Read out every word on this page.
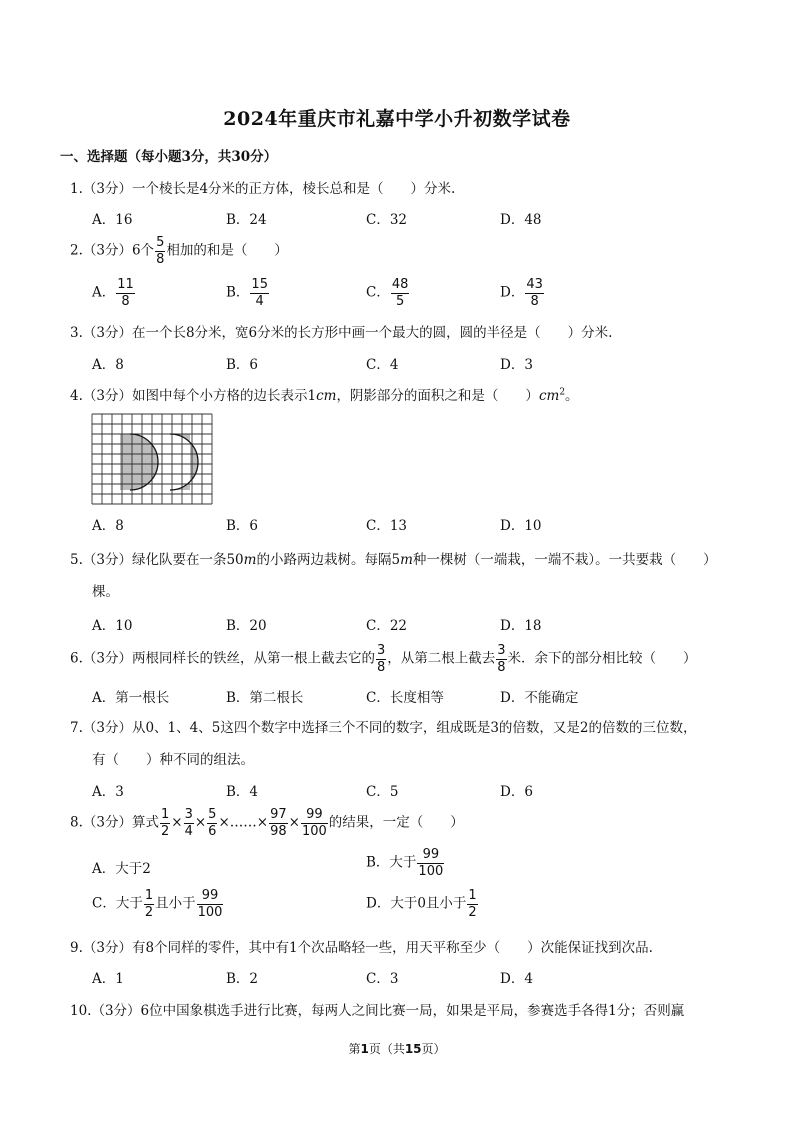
2024年重庆市礼嘉中学小升初数学试卷
一、选择题（每小题3分，共30分）
1.（3分）一个棱长是4分米的正方体，棱长总和是（　　）分米.
A．16	B．24	C．32	D．48
2.（3分）6个 $\frac{5}{8}$ 相加的和是（　　）
A． $\frac{11}{8}$	B． $\frac{15}{4}$	C． $\frac{48}{5}$	D． $\frac{43}{8}$
3.（3分）在一个长8分米，宽6分米的长方形中画一个最大的圆，圆的半径是（　　）分米.
A．8	B．6	C．4	D．3
4.（3分）如图中每个小方格的边长表示1cm，阴影部分的面积之和是（　　）$cm^2$。
A．8	B．6	C．13	D．10
5.（3分）绿化队要在一条50m的小路两边栽树。每隔5m种一棵树（一端栽，一端不栽）。一共要栽（　　）
棵。
A．10	B．20	C．22	D．18
6.（3分）两根同样长的铁丝，从第一根上截去它的 $\frac{3}{8}$ ，从第二根上截去 $\frac{3}{8}$ 米．余下的部分相比较（　　）
A．第一根长	B．第二根长	C．长度相等	D．不能确定
7.（3分）从0、1、4、5这四个数字中选择三个不同的数字，组成既是3的倍数，又是2的倍数的三位数，
有（　　）种不同的组法。
A．3	B．4	C．5	D．6
8.（3分）算式 $\frac{1}{2} \times \frac{3}{4} \times \frac{5}{6}$ ×……× $\frac{97}{98} \times \frac{99}{100}$ 的结果，一定（　　）
A．大于2	B．大于 $\frac{99}{100}$
C．大于 $\frac{1}{2}$ 且小于 $\frac{99}{100}$	D．大于0且小于 $\frac{1}{2}$
9.（3分）有8个同样的零件，其中有1个次品略轻一些，用天平称至少（　　）次能保证找到次品.
A．1	B．2	C．3	D．4
10.（3分）6位中国象棋选手进行比赛，每两人之间比赛一局，如果是平局，参赛选手各得1分；否则赢
第1页（共15页）
